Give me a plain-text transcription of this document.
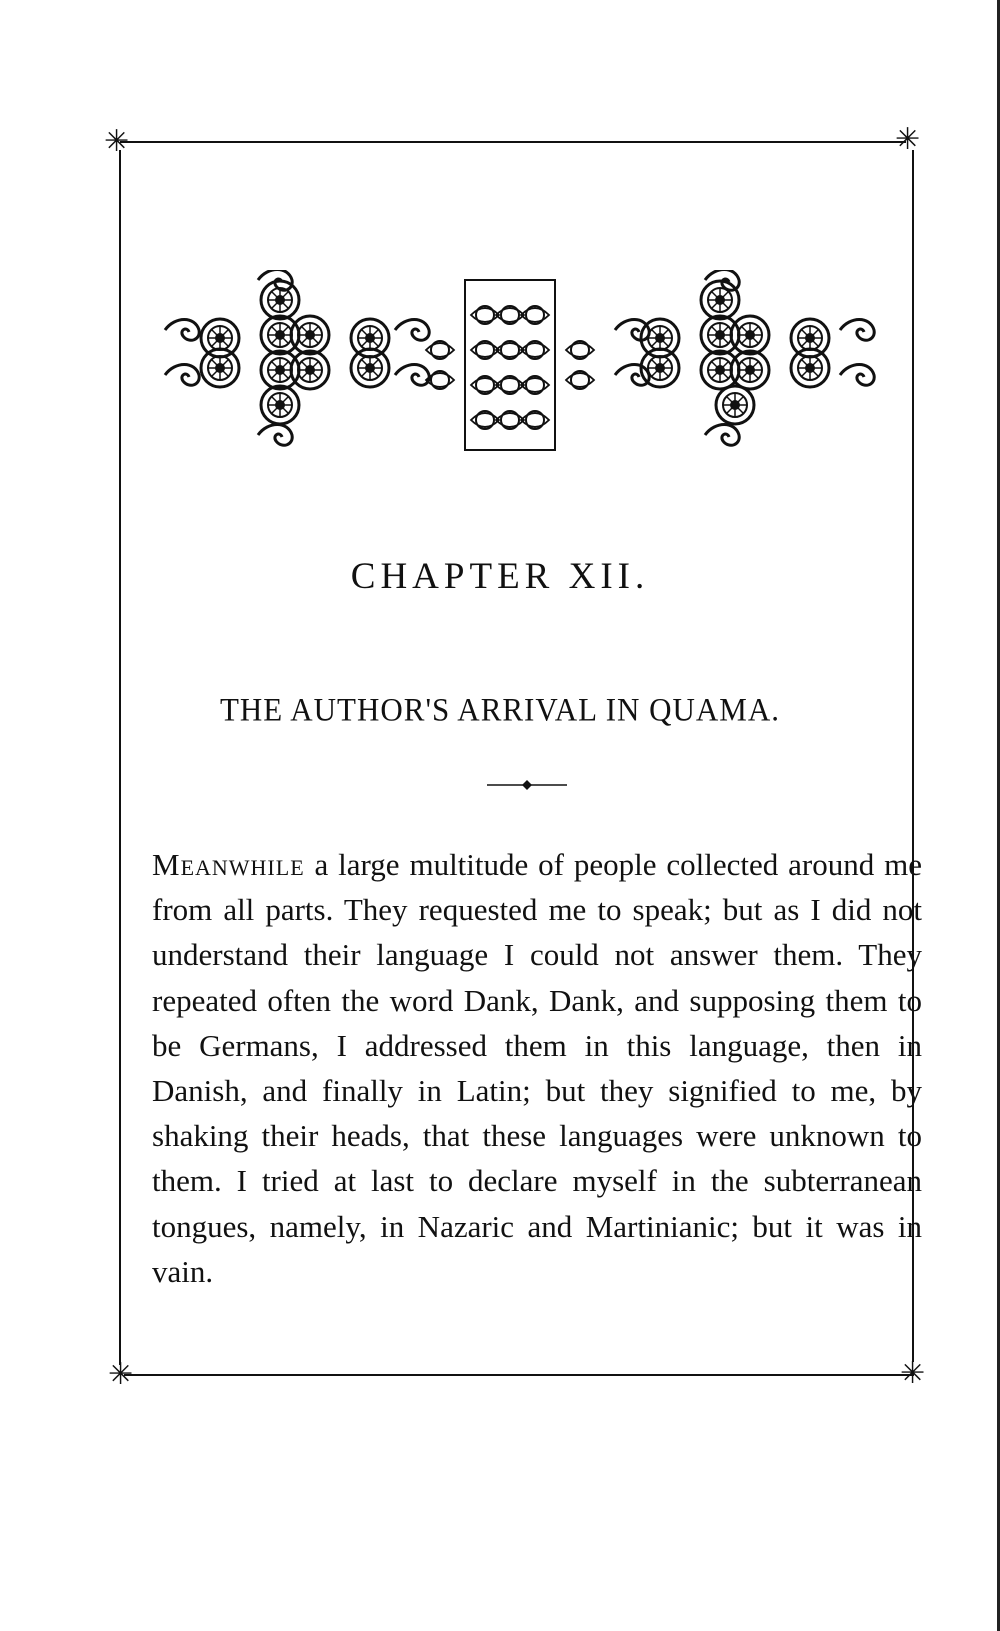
✳	✳
✳	✳
CHAPTER XII.
THE AUTHOR'S ARRIVAL IN QUAMA.

Meanwhile a large multitude of people collected around me from all parts. They requested me to speak; but as I did not understand their language I could not answer them. They repeated often the word Dank, Dank, and supposing them to be Germans, I addressed them in this language, then in Danish, and finally in Latin; but they signified to me, by shaking their heads, that these languages were unknown to them. I tried at last to declare myself in the subterranean tongues, namely, in Nazaric and Martinianic; but it was in vain.
